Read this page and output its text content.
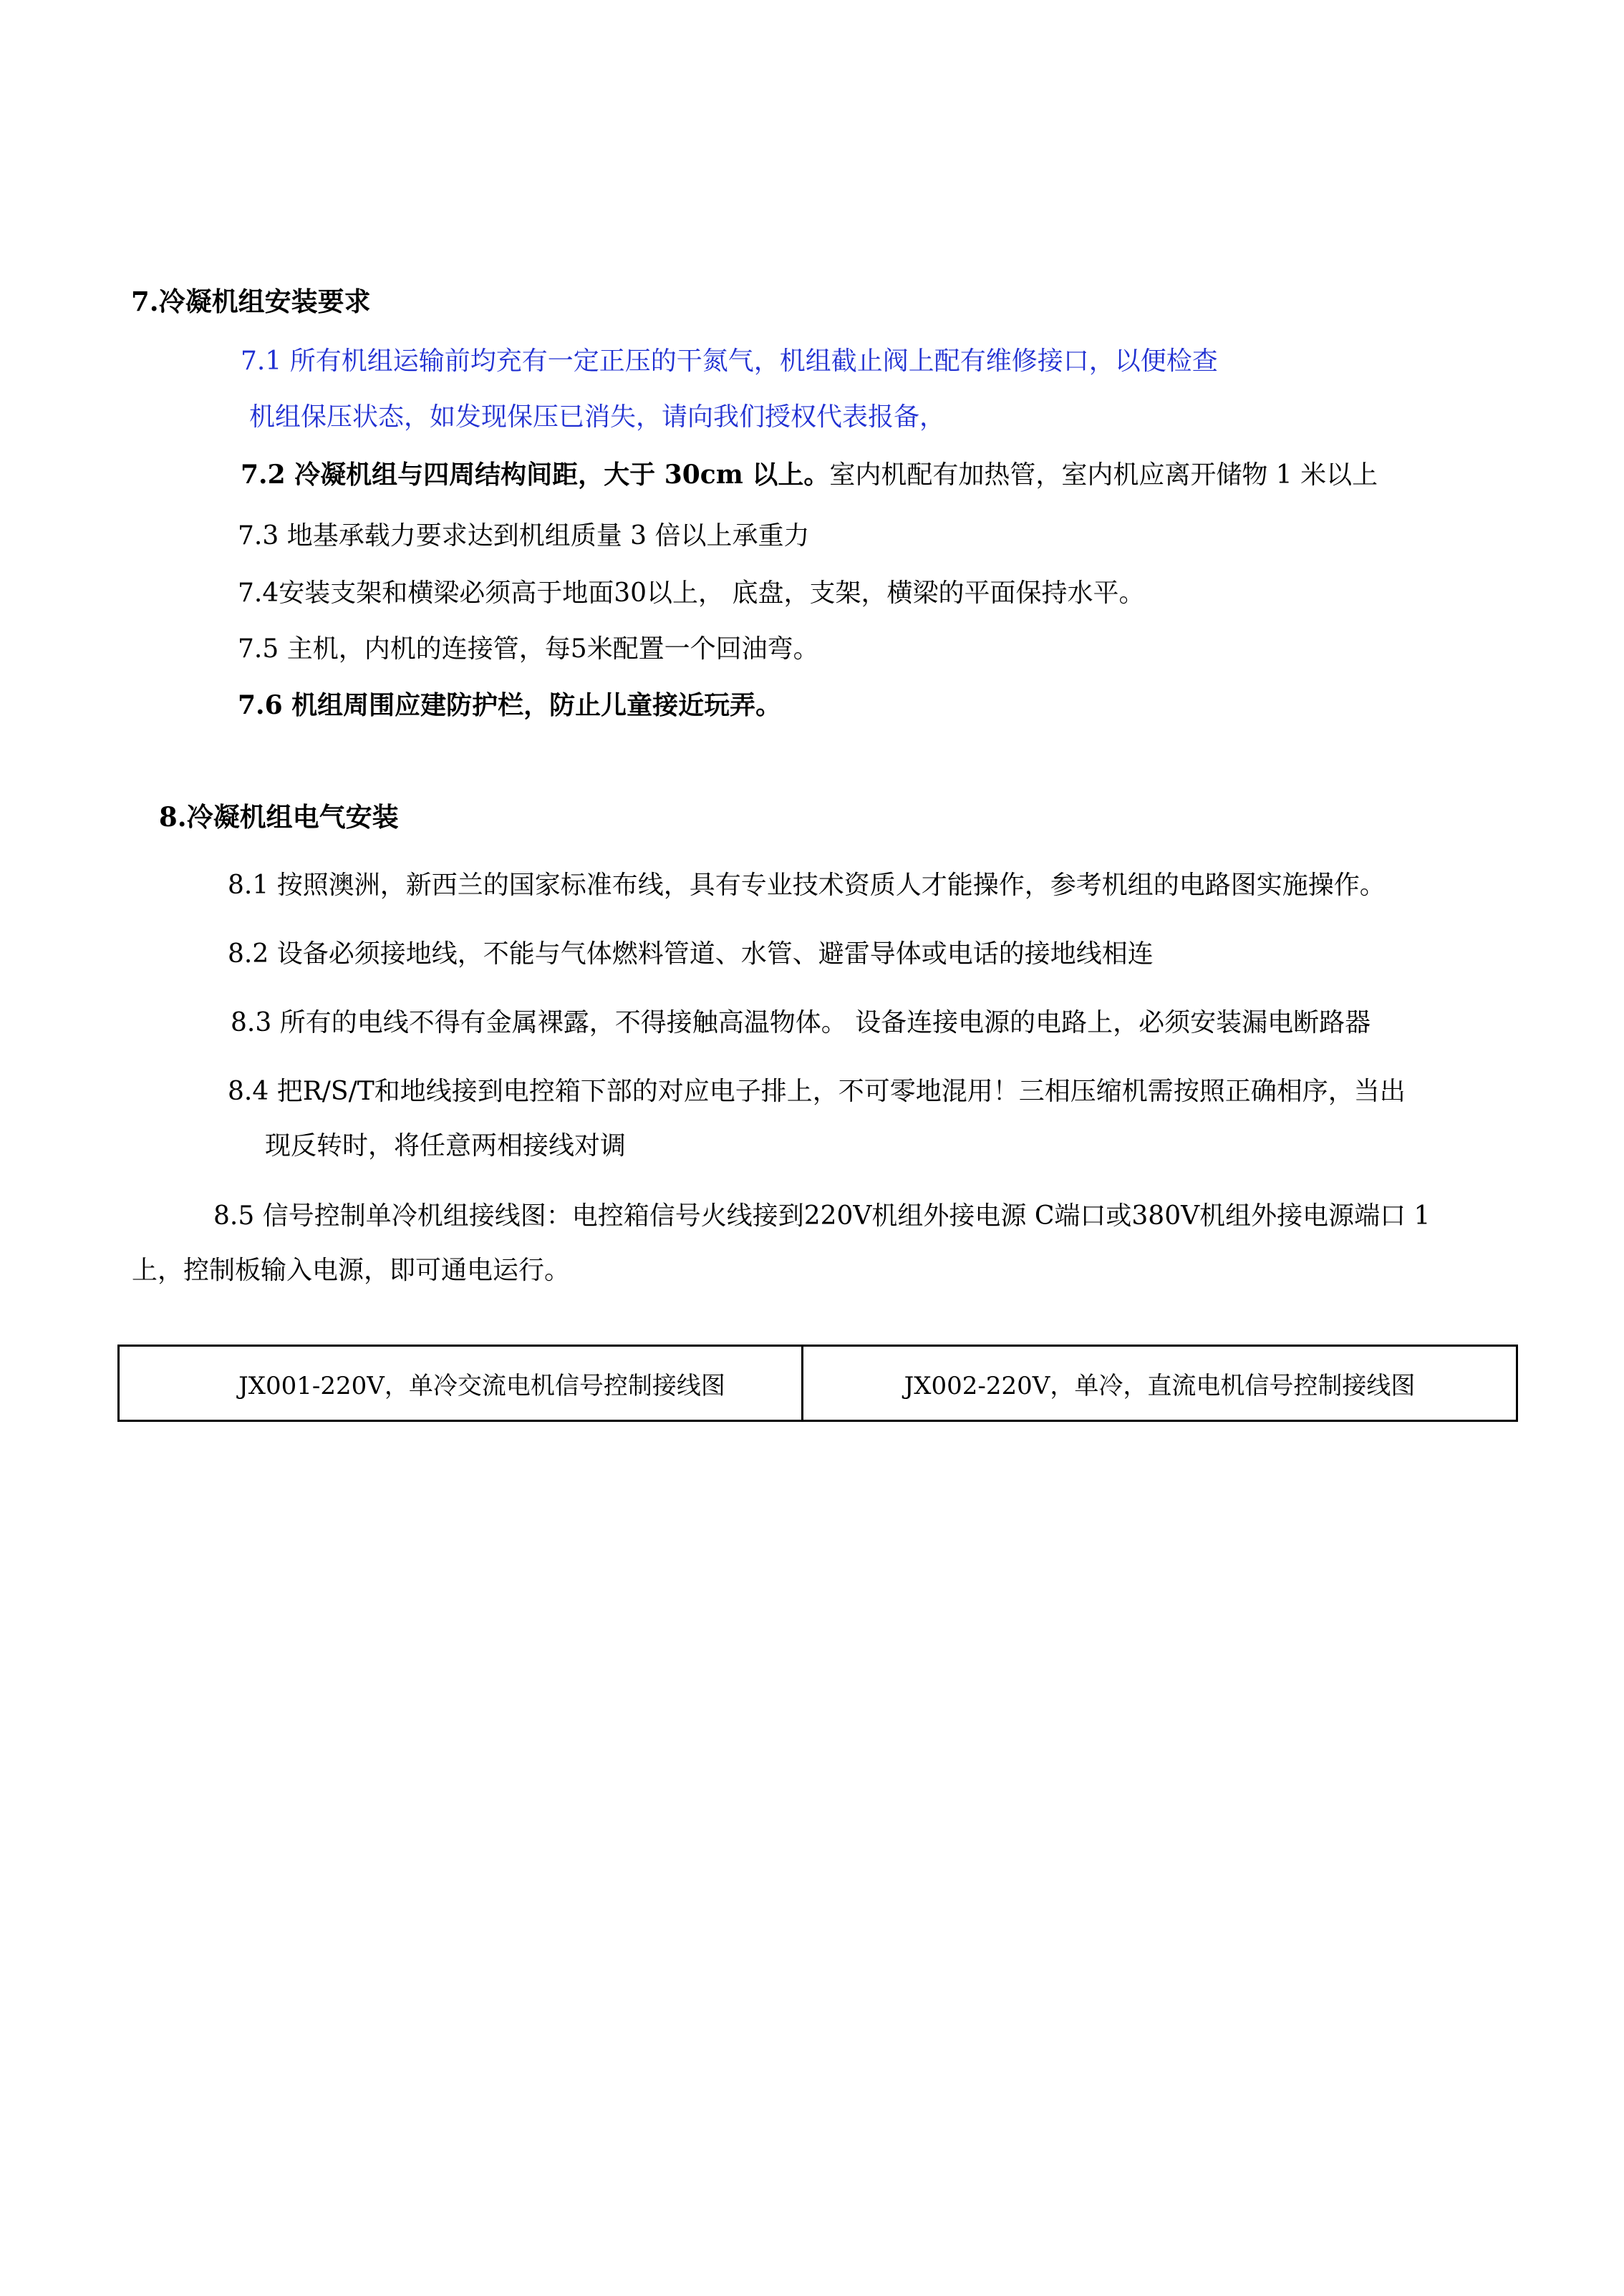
7.冷凝机组安装要求

7.1 所有机组运输前均充有一定正压的干氮气，机组截止阀上配有维修接口，以便检查

机组保压状态，如发现保压已消失，请向我们授权代表报备，

7.2 冷凝机组与四周结构间距，大于 30cm 以上。室内机配有加热管，室内机应离开储物 1 米以上

7.3 地基承载力要求达到机组质量 3 倍以上承重力

7.4安装支架和横梁必须高于地面30以上， 底盘，支架，横梁的平面保持水平。

7.5 主机，内机的连接管，每5米配置一个回油弯。

7.6 机组周围应建防护栏，防止儿童接近玩弄。

8.冷凝机组电气安装

8.1 按照澳洲，新西兰的国家标准布线，具有专业技术资质人才能操作，参考机组的电路图实施操作。

8.2 设备必须接地线，不能与气体燃料管道、水管、避雷导体或电话的接地线相连

8.3 所有的电线不得有金属裸露，不得接触高温物体。 设备连接电源的电路上，必须安装漏电断路器

8.4 把R/S/T和地线接到电控箱下部的对应电子排上，不可零地混用！三相压缩机需按照正确相序，当出

现反转时，将任意两相接线对调

8.5 信号控制单冷机组接线图：电控箱信号火线接到220V机组外接电源 C端口或380V机组外接电源端口 1

上，控制板输入电源，即可通电运行。

JX001-220V，单冷交流电机信号控制接线图	JX002-220V，单冷，直流电机信号控制接线图
